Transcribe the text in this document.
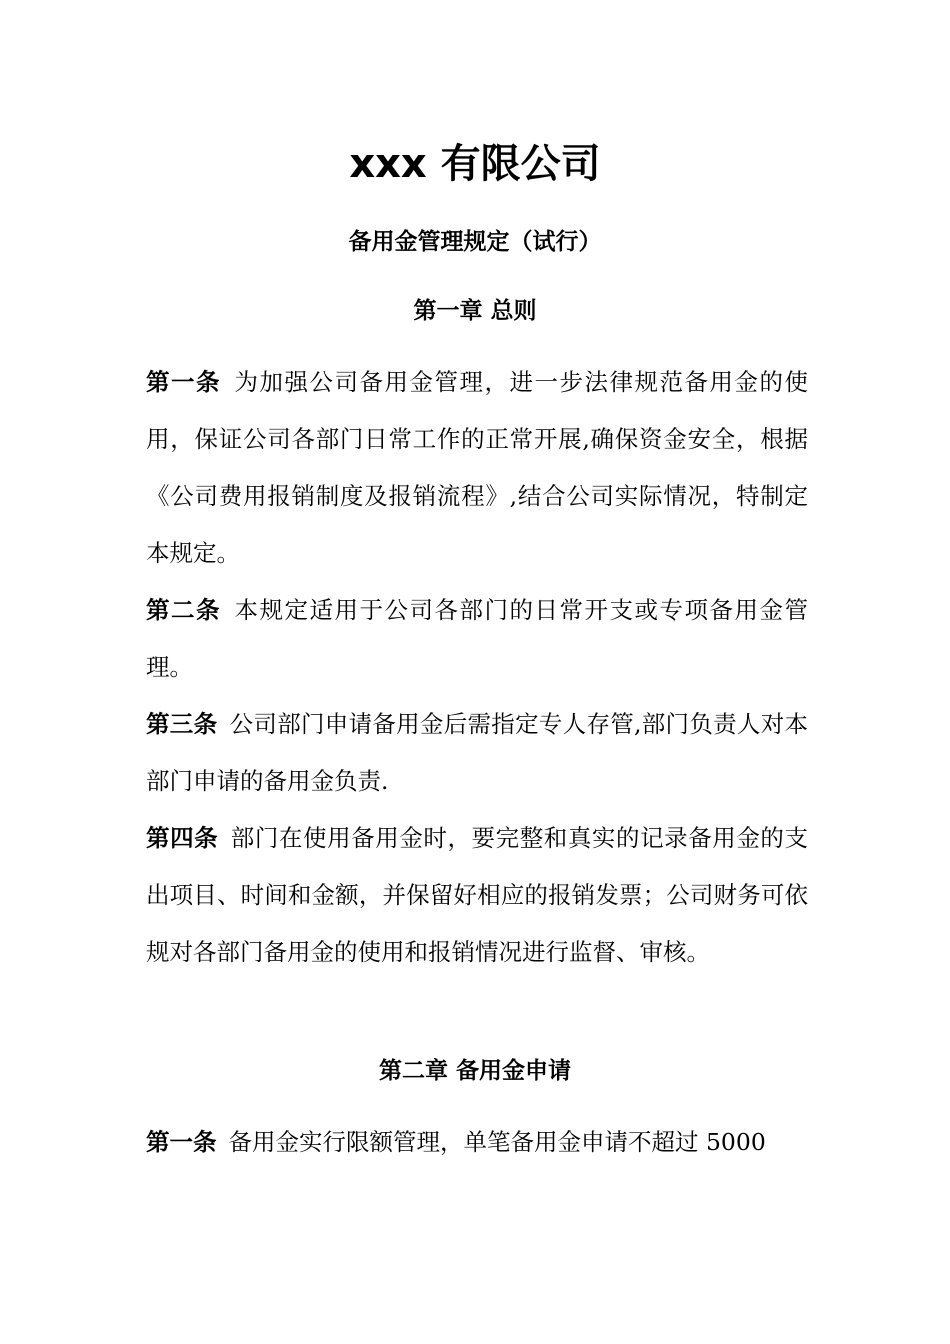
xxx 有限公司
备用金管理规定（试行）
第一章 总则

第一条 为加强公司备用金管理，进一步法律规范备用金的使用，保证公司各部门日常工作的正常开展,确保资金安全，根据《公司费用报销制度及报销流程》,结合公司实际情况，特制定本规定。

第二条 本规定适用于公司各部门的日常开支或专项备用金管理。

第三条 公司部门申请备用金后需指定专人存管,部门负责人对本部门申请的备用金负责.

第四条 部门在使用备用金时，要完整和真实的记录备用金的支出项目、时间和金额，并保留好相应的报销发票；公司财务可依规对各部门备用金的使用和报销情况进行监督、审核。

第二章 备用金申请

第一条 备用金实行限额管理，单笔备用金申请不超过 5000
